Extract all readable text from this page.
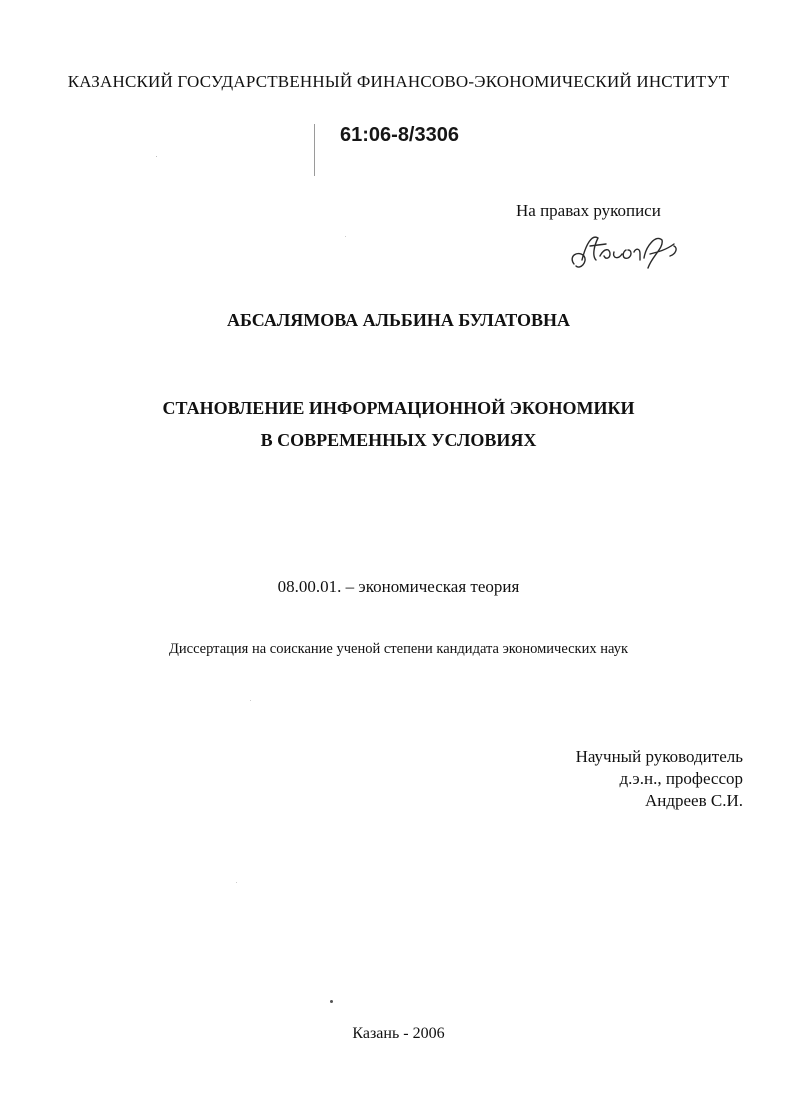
КАЗАНСКИЙ ГОСУДАРСТВЕННЫЙ ФИНАНСОВО-ЭКОНОМИЧЕСКИЙ ИНСТИТУТ
61:06-8/3306
На правах рукописи
АБСАЛЯМОВА АЛЬБИНА БУЛАТОВНА
СТАНОВЛЕНИЕ ИНФОРМАЦИОННОЙ ЭКОНОМИКИ
В СОВРЕМЕННЫХ УСЛОВИЯХ
08.00.01. – экономическая теория
Диссертация на соискание ученой степени кандидата экономических наук
Научный руководитель
д.э.н., профессор
Андреев С.И.
Казань - 2006
